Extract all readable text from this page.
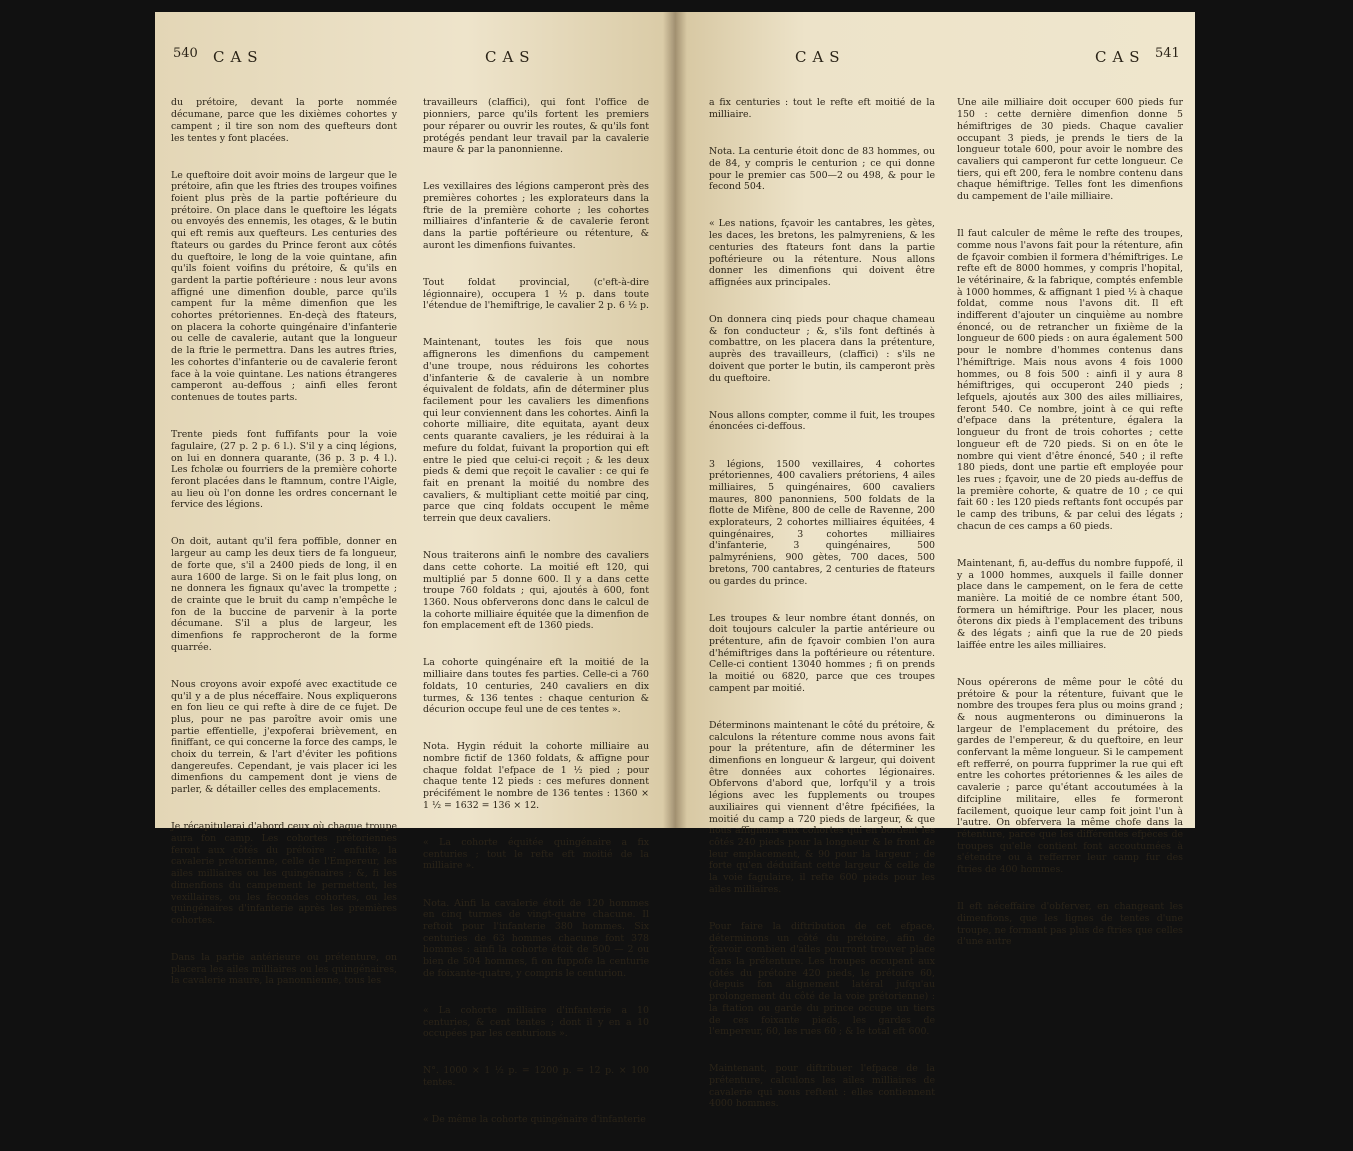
540 CAS	CAS

du prétoire, devant la porte nommée décumane, parce que les dixièmes cohortes y campent ; il tire son nom des quefteurs dont les tentes y font placées.

Le queftoire doit avoir moins de largeur que le prétoire, afin que les ftries des troupes voifines foient plus près de la partie poftérieure du prétoire. On place dans le queftoire les légats ou envoyés des ennemis, les otages, & le butin qui eft remis aux quefteurs. Les centuries des ftateurs ou gardes du Prince feront aux côtés du queftoire, le long de la voie quintane, afin qu'ils foient voifins du prétoire, & qu'ils en gardent la partie poftérieure : nous leur avons affigné une dimenfion double, parce qu'ils campent fur la même dimenfion que les cohortes prétoriennes. En-deçà des ftateurs, on placera la cohorte quingénaire d'infanterie ou celle de cavalerie, autant que la longueur de la ftrie le permettra. Dans les autres ftries, les cohortes d'infanterie ou de cavalerie feront face à la voie quintane. Les nations étrangeres camperont au-deffous ; ainfi elles feront contenues de toutes parts.

Trente pieds font fuffifants pour la voie fagulaire, (27 p. 2 p. 6 l.). S'il y a cinq légions, on lui en donnera quarante, (36 p. 3 p. 4 l.). Les fcholæ ou fourriers de la première cohorte feront placées dans le ftamnum, contre l'Aigle, au lieu où l'on donne les ordres concernant le fervice des légions.

On doit, autant qu'il fera poffible, donner en largeur au camp les deux tiers de fa longueur, de forte que, s'il a 2400 pieds de long, il en aura 1600 de large. Si on le fait plus long, on ne donnera les fignaux qu'avec la trompette ; de crainte que le bruit du camp n'empêche le fon de la buccine de parvenir à la porte décumane. S'il a plus de largeur, les dimenfions fe rapprocheront de la forme quarrée.

Nous croyons avoir expofé avec exactitude ce qu'il y a de plus néceffaire. Nous expliquerons en fon lieu ce qui refte à dire de ce fujet. De plus, pour ne pas paroître avoir omis une partie effentielle, j'expoferai brièvement, en finiffant, ce qui concerne la force des camps, le choix du terrein, & l'art d'éviter les pofitions dangereufes. Cependant, je vais placer ici les dimenfions du campement dont je viens de parler, & détailler celles des emplacements.

Je récapitulerai d'abord ceux où chaque troupe aura fon camp. Les cohortes prétoriennes feront aux côtés du prétoire : enfuite, la cavalerie prétorienne, celle de l'Empereur, les ailes milliaires ou les quingénaires ; &, fi les dimenfions du campement le permettent, les vexillaires, ou les fecondes cohortes, ou les quingénaires d'infanterie après les premières cohortes.

Dans la partie antérieure ou prétenture, on placera les ailes milliaires ou les quingénaires, la cavalerie maure, la panonnienne, tous les

travailleurs (claffici), qui font l'office de pionniers, parce qu'ils fortent les premiers pour réparer ou ouvrir les routes, & qu'ils font protégés pendant leur travail par la cavalerie maure & par la panonnienne.

Les vexillaires des légions camperont près des premières cohortes ; les explorateurs dans la ftrie de la première cohorte ; les cohortes milliaires d'infanterie & de cavalerie feront dans la partie poftérieure ou rétenture, & auront les dimenfions fuivantes.

Tout foldat provincial, (c'eft-à-dire légionnaire), occupera 1 ½ p. dans toute l'étendue de l'hemiftrige, le cavalier 2 p. 6 ½ p.

Maintenant, toutes les fois que nous affignerons les dimenfions du campement d'une troupe, nous réduirons les cohortes d'infanterie & de cavalerie à un nombre équivalent de foldats, afin de déterminer plus facilement pour les cavaliers les dimenfions qui leur conviennent dans les cohortes. Ainfi la cohorte milliaire, dite equitata, ayant deux cents quarante cavaliers, je les réduirai à la mefure du foldat, fuivant la proportion qui eft entre le pied que celui-ci reçoit ; & les deux pieds & demi que reçoit le cavalier : ce qui fe fait en prenant la moitié du nombre des cavaliers, & multipliant cette moitié par cinq, parce que cinq foldats occupent le même terrein que deux cavaliers.

Nous traiterons ainfi le nombre des cavaliers dans cette cohorte. La moitié eft 120, qui multiplié par 5 donne 600. Il y a dans cette troupe 760 foldats ; qui, ajoutés à 600, font 1360. Nous obferverons donc dans le calcul de la cohorte milliaire équitée que la dimenfion de fon emplacement eft de 1360 pieds.

La cohorte quingénaire eft la moitié de la milliaire dans toutes fes parties. Celle-ci a 760 foldats, 10 centuries, 240 cavaliers en dix turmes, & 136 tentes : chaque centurion & décurion occupe feul une de ces tentes ».

Nota. Hygin réduit la cohorte milliaire au nombre fictif de 1360 foldats, & affigne pour chaque foldat l'efpace de 1 ½ pied ; pour chaque tente 12 pieds : ces mefures donnent précifément le nombre de 136 tentes : 1360 × 1 ½ = 1632 = 136 × 12.

« La cohorte équitée quingénaire a fix centuries ; tout le refte eft moitié de la milliaire ».

Nota. Ainfi la cavalerie étoit de 120 hommes en cinq turmes de vingt-quatre chacune. Il reftoit pour l'infanterie 380 hommes. Six centuries de 63 hommes chacune font 378 hommes : ainfi la cohorte étoit de 500 — 2 ou bien de 504 hommes, fi on fuppofe la centurie de foixante-quatre, y compris le centurion.

« La cohorte milliaire d'infanterie a 10 centuries, & cent tentes ; dont il y en a 10 occupées par les centurions ».

N°. 1000 × 1 ½ p. = 1200 p. = 12 p. × 100 tentes.

« De même la cohorte quingénaire d'infanterie

CAS	CAS 541

a fix centuries : tout le refte eft moitié de la milliaire.

Nota. La centurie étoit donc de 83 hommes, ou de 84, y compris le centurion ; ce qui donne pour le premier cas 500—2 ou 498, & pour le fecond 504.

« Les nations, fçavoir les cantabres, les gètes, les daces, les bretons, les palmyreniens, & les centuries des ftateurs font dans la partie poftérieure ou la rétenture. Nous allons donner les dimenfions qui doivent être affignées aux principales.

On donnera cinq pieds pour chaque chameau & fon conducteur ; &, s'ils font deftinés à combattre, on les placera dans la prétenture, auprès des travailleurs, (claffici) : s'ils ne doivent que porter le butin, ils camperont près du queftoire.

Nous allons compter, comme il fuit, les troupes énoncées ci-deffous.

3 légions, 1500 vexillaires, 4 cohortes prétoriennes, 400 cavaliers prétoriens, 4 ailes milliaires, 5 quingénaires, 600 cavaliers maures, 800 panonniens, 500 foldats de la flotte de Mifène, 800 de celle de Ravenne, 200 explorateurs, 2 cohortes milliaires équitées, 4 quingénaires, 3 cohortes milliaires d'infanterie, 3 quingénaires, 500 palmyréniens, 900 gètes, 700 daces, 500 bretons, 700 cantabres, 2 centuries de ftateurs ou gardes du prince.

Les troupes & leur nombre étant donnés, on doit toujours calculer la partie antérieure ou prétenture, afin de fçavoir combien l'on aura d'hémiftriges dans la poftérieure ou rétenture. Celle-ci contient 13040 hommes ; fi on prends la moitié ou 6820, parce que ces troupes campent par moitié.

Déterminons maintenant le côté du prétoire, & calculons la rétenture comme nous avons fait pour la prétenture, afin de déterminer les dimenfions en longueur & largeur, qui doivent être données aux cohortes légionaires. Obfervons d'abord que, lorfqu'il y a trois légions avec les fupplements ou troupes auxiliaires qui viennent d'être fpécifiées, la moitié du camp a 720 pieds de largeur, & que nous affignons aux cohortes qui en bordent les côtés 240 pieds pour la longueur & le front de leur emplacement, & 90 pour la largeur ; de forte qu'en déduifant cette largeur & celle de la voie fagulaire, il refte 600 pieds pour les ailes milliaires.

Pour faire la diftribution de cet efpace, déterminons un côté du prétoire, afin de fçavoir combien d'ailes pourront trouver place dans la prétenture. Les troupes occupent aux côtés du prétoire 420 pieds, le prétoire 60, (depuis fon alignement latéral jufqu'au prolongement du côté de la voie prétorienne) : la ftation ou garde du prince occupe un tiers de ces foixante pieds, les gardes de l'empereur, 60, les rues 60 ; & le total eft 600.

Maintenant, pour diftribuer l'efpace de la prétenture, calculons les ailes milliaires de cavalerie qui nous reftent : elles contiennent 4000 hommes.

Une aile milliaire doit occuper 600 pieds fur 150 : cette dernière dimenfion donne 5 hémiftriges de 30 pieds. Chaque cavalier occupant 3 pieds, je prends le tiers de la longueur totale 600, pour avoir le nombre des cavaliers qui camperont fur cette longueur. Ce tiers, qui eft 200, fera le nombre contenu dans chaque hémiftrige. Telles font les dimenfions du campement de l'aile milliaire.

Il faut calculer de même le refte des troupes, comme nous l'avons fait pour la rétenture, afin de fçavoir combien il formera d'hémiftriges. Le refte eft de 8000 hommes, y compris l'hopital, le vétérinaire, & la fabrique, comptés enfemble à 1000 hommes, & affignant 1 pied ½ à chaque foldat, comme nous l'avons dit. Il eft indifferent d'ajouter un cinquième au nombre énoncé, ou de retrancher un fixième de la longueur de 600 pieds : on aura également 500 pour le nombre d'hommes contenus dans l'hémiftrige. Mais nous avons 4 fois 1000 hommes, ou 8 fois 500 : ainfi il y aura 8 hémiftriges, qui occuperont 240 pieds ; lefquels, ajoutés aux 300 des ailes milliaires, feront 540. Ce nombre, joint à ce qui refte d'efpace dans la prétenture, égalera la longueur du front de trois cohortes ; cette longueur eft de 720 pieds. Si on en ôte le nombre qui vient d'être énoncé, 540 ; il refte 180 pieds, dont une partie eft employée pour les rues ; fçavoir, une de 20 pieds au-deffus de la première cohorte, & quatre de 10 ; ce qui fait 60 : les 120 pieds reftants font occupés par le camp des tribuns, & par celui des légats ; chacun de ces camps a 60 pieds.

Maintenant, fi, au-deffus du nombre fuppofé, il y a 1000 hommes, auxquels il faille donner place dans le campement, on le fera de cette manière. La moitié de ce nombre étant 500, formera un hémiftrige. Pour les placer, nous ôterons dix pieds à l'emplacement des tribuns & des légats ; ainfi que la rue de 20 pieds laiffée entre les ailes milliaires.

Nous opérerons de même pour le côté du prétoire & pour la rétenture, fuivant que le nombre des troupes fera plus ou moins grand ; & nous augmenterons ou diminuerons la largeur de l'emplacement du prétoire, des gardes de l'empereur, & du queftoire, en leur confervant la même longueur. Si le campement eft refferré, on pourra fupprimer la rue qui eft entre les cohortes prétoriennes & les ailes de cavalerie ; parce qu'étant accoutumées à la difcipline militaire, elles fe formeront facilement, quoique leur camp foit joint l'un à l'autre. On obfervera la même chofe dans la rétenture, parce que les différentes efpèces de troupes qu'elle contient font accoutumées à s'étendre ou à refferrer leur camp fur des ftries de 400 hommes.

Il eft néceffaire d'obferver, en changeant les dimenfions, que les lignes de tentes d'une troupe, ne formant pas plus de ftries que celles d'une autre
